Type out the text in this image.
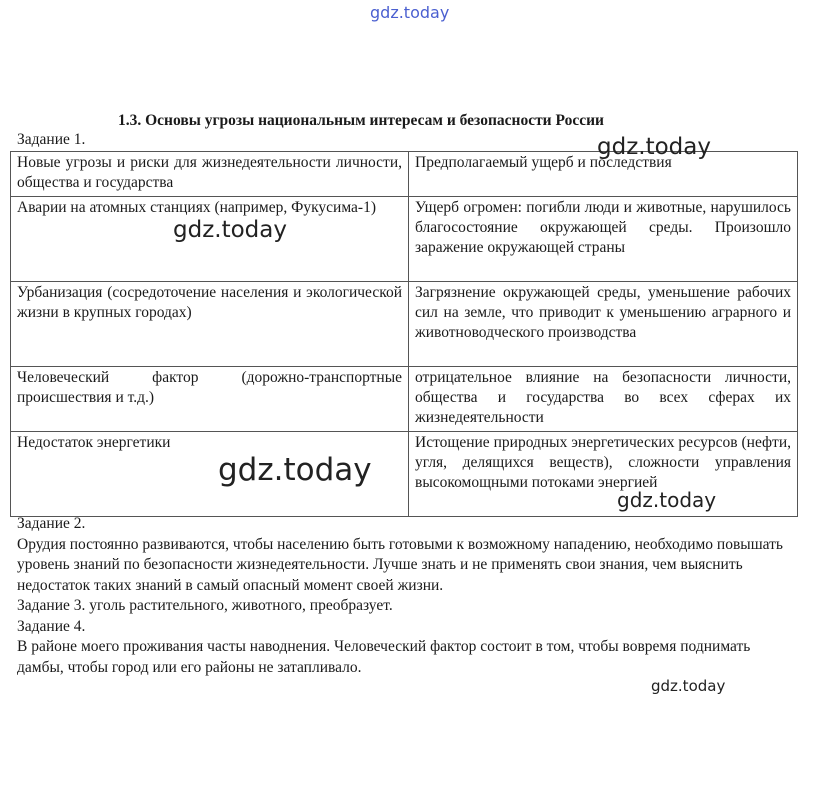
gdz.today
1.3. Основы угрозы национальным интересам и безопасности России
Задание 1.
Новые угрозы и риски для жизнедеятельности личности, общества и государства	Предполагаемый ущерб и последствия
Аварии на атомных станциях (например, Фукусима-1)	Ущерб огромен: погибли люди и животные, нарушилось благосостояние окружающей среды. Произошло заражение окружающей страны
Урбанизация (сосредоточение населения и экологической жизни в крупных городах)	Загрязнение окружающей среды, уменьшение рабочих сил на земле, что приводит к уменьшению аграрного и животноводческого производства
Человеческий фактор (дорожно-транспортные происшествия и т.д.)	отрицательное влияние на безопасности личности, общества и государства во всех сферах их жизнедеятельности
Недостаток энергетики	Истощение природных энергетических ресурсов (нефти, угля, делящихся веществ), сложности управления высокомощными потоками энергией

Задание 2.

Орудия постоянно развиваются, чтобы населению быть готовыми к возможному нападению, необходимо повышать уровень знаний по безопасности жизнедеятельности. Лучше знать и не применять свои знания, чем выяснить недостаток таких знаний в самый опасный момент своей жизни.

Задание 3. уголь растительного, животного, преобразует.

Задание 4.

В районе моего проживания часты наводнения. Человеческий фактор состоит в том, чтобы вовремя поднимать дамбы, чтобы город или его районы не затапливало.

gdz.today
gdz.today
gdz.today
gdz.today
gdz.today
